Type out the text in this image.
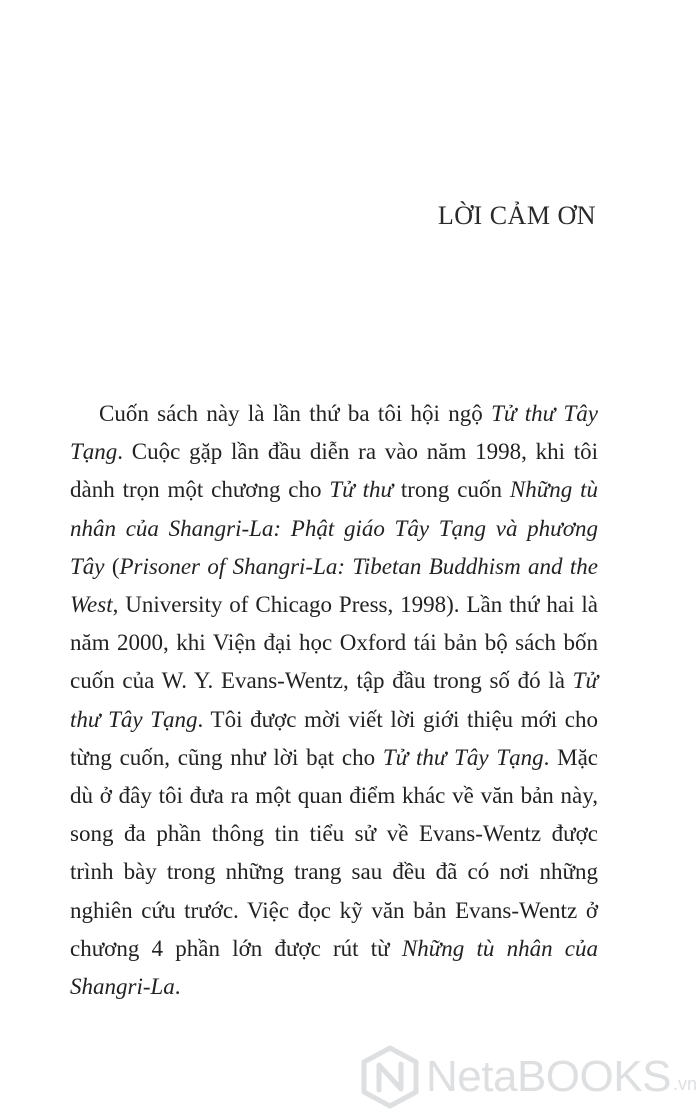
LỜI CẢM ƠN

Cuốn sách này là lần thứ ba tôi hội ngộ Tử thư Tây Tạng. Cuộc gặp lần đầu diễn ra vào năm 1998, khi tôi dành trọn một chương cho Tử thư trong cuốn Những tù nhân của Shangri-La: Phật giáo Tây Tạng và phương Tây (Prisoner of Shangri-La: Tibetan Buddhism and the West, University of Chicago Press, 1998). Lần thứ hai là năm 2000, khi Viện đại học Oxford tái bản bộ sách bốn cuốn của W. Y. Evans-Wentz, tập đầu trong số đó là Tử thư Tây Tạng. Tôi được mời viết lời giới thiệu mới cho từng cuốn, cũng như lời bạt cho Tử thư Tây Tạng. Mặc dù ở đây tôi đưa ra một quan điểm khác về văn bản này, song đa phần thông tin tiểu sử về Evans-Wentz được trình bày trong những trang sau đều đã có nơi những nghiên cứu trước. Việc đọc kỹ văn bản Evans-Wentz ở chương 4 phần lớn được rút từ Những tù nhân của Shangri-La.

NetaBOOKS .vn
